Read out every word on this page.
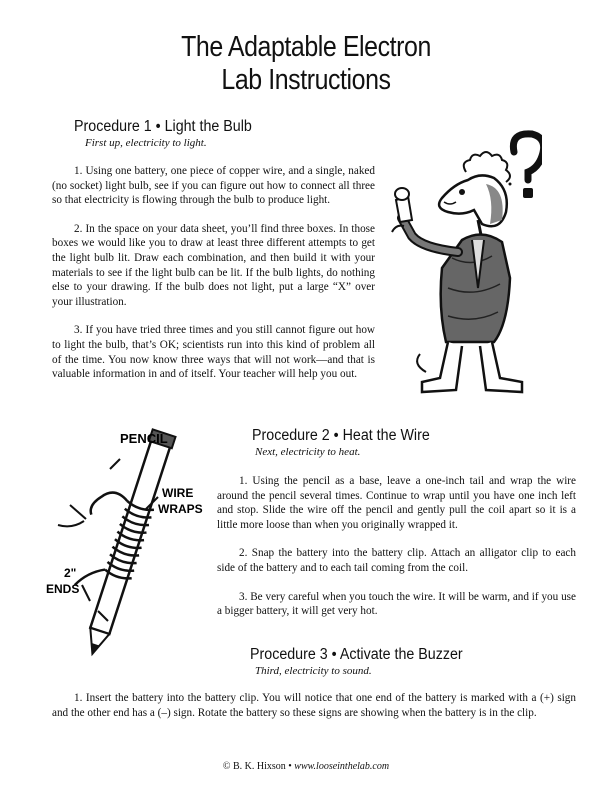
The Adaptable Electron
Lab Instructions
Procedure 1 • Light the Bulb
First up, electricity to light.

1. Using one battery, one piece of copper wire, and a single, naked (no socket) light bulb, see if you can figure out how to connect all three so that electricity is flowing through the bulb to produce light.

2. In the space on your data sheet, you’ll find three boxes. In those boxes we would like you to draw at least three different attempts to get the light bulb lit. Draw each combination, and then build it with your materials to see if the light bulb can be lit. If the bulb lights, do nothing else to your drawing. If the bulb does not light, put a large “X” over your illustration.

3. If you have tried three times and you still cannot figure out how to light the bulb, that’s OK; scientists run into this kind of problem all of the time. You now know three ways that will not work—and that is valuable information in and of itself. Your teacher will help you out.

PENCIL
WIRE
WRAPS
2"
ENDS
Procedure 2 • Heat the Wire
Next, electricity to heat.

1. Using the pencil as a base, leave a one-inch tail and wrap the wire around the pencil several times. Continue to wrap until you have one inch left and stop. Slide the wire off the pencil and gently pull the coil apart so it is a little more loose than when you originally wrapped it.

2. Snap the battery into the battery clip. Attach an alligator clip to each side of the battery and to each tail coming from the coil.

3. Be very careful when you touch the wire. It will be warm, and if you use a bigger battery, it will get very hot.

Procedure 3 • Activate the Buzzer
Third, electricity to sound.

1. Insert the battery into the battery clip. You will notice that one end of the battery is marked with a (+) sign and the other end has a (–) sign. Rotate the battery so these signs are showing when the battery is in the clip.

© B. K. Hixson • www.looseinthelab.com
